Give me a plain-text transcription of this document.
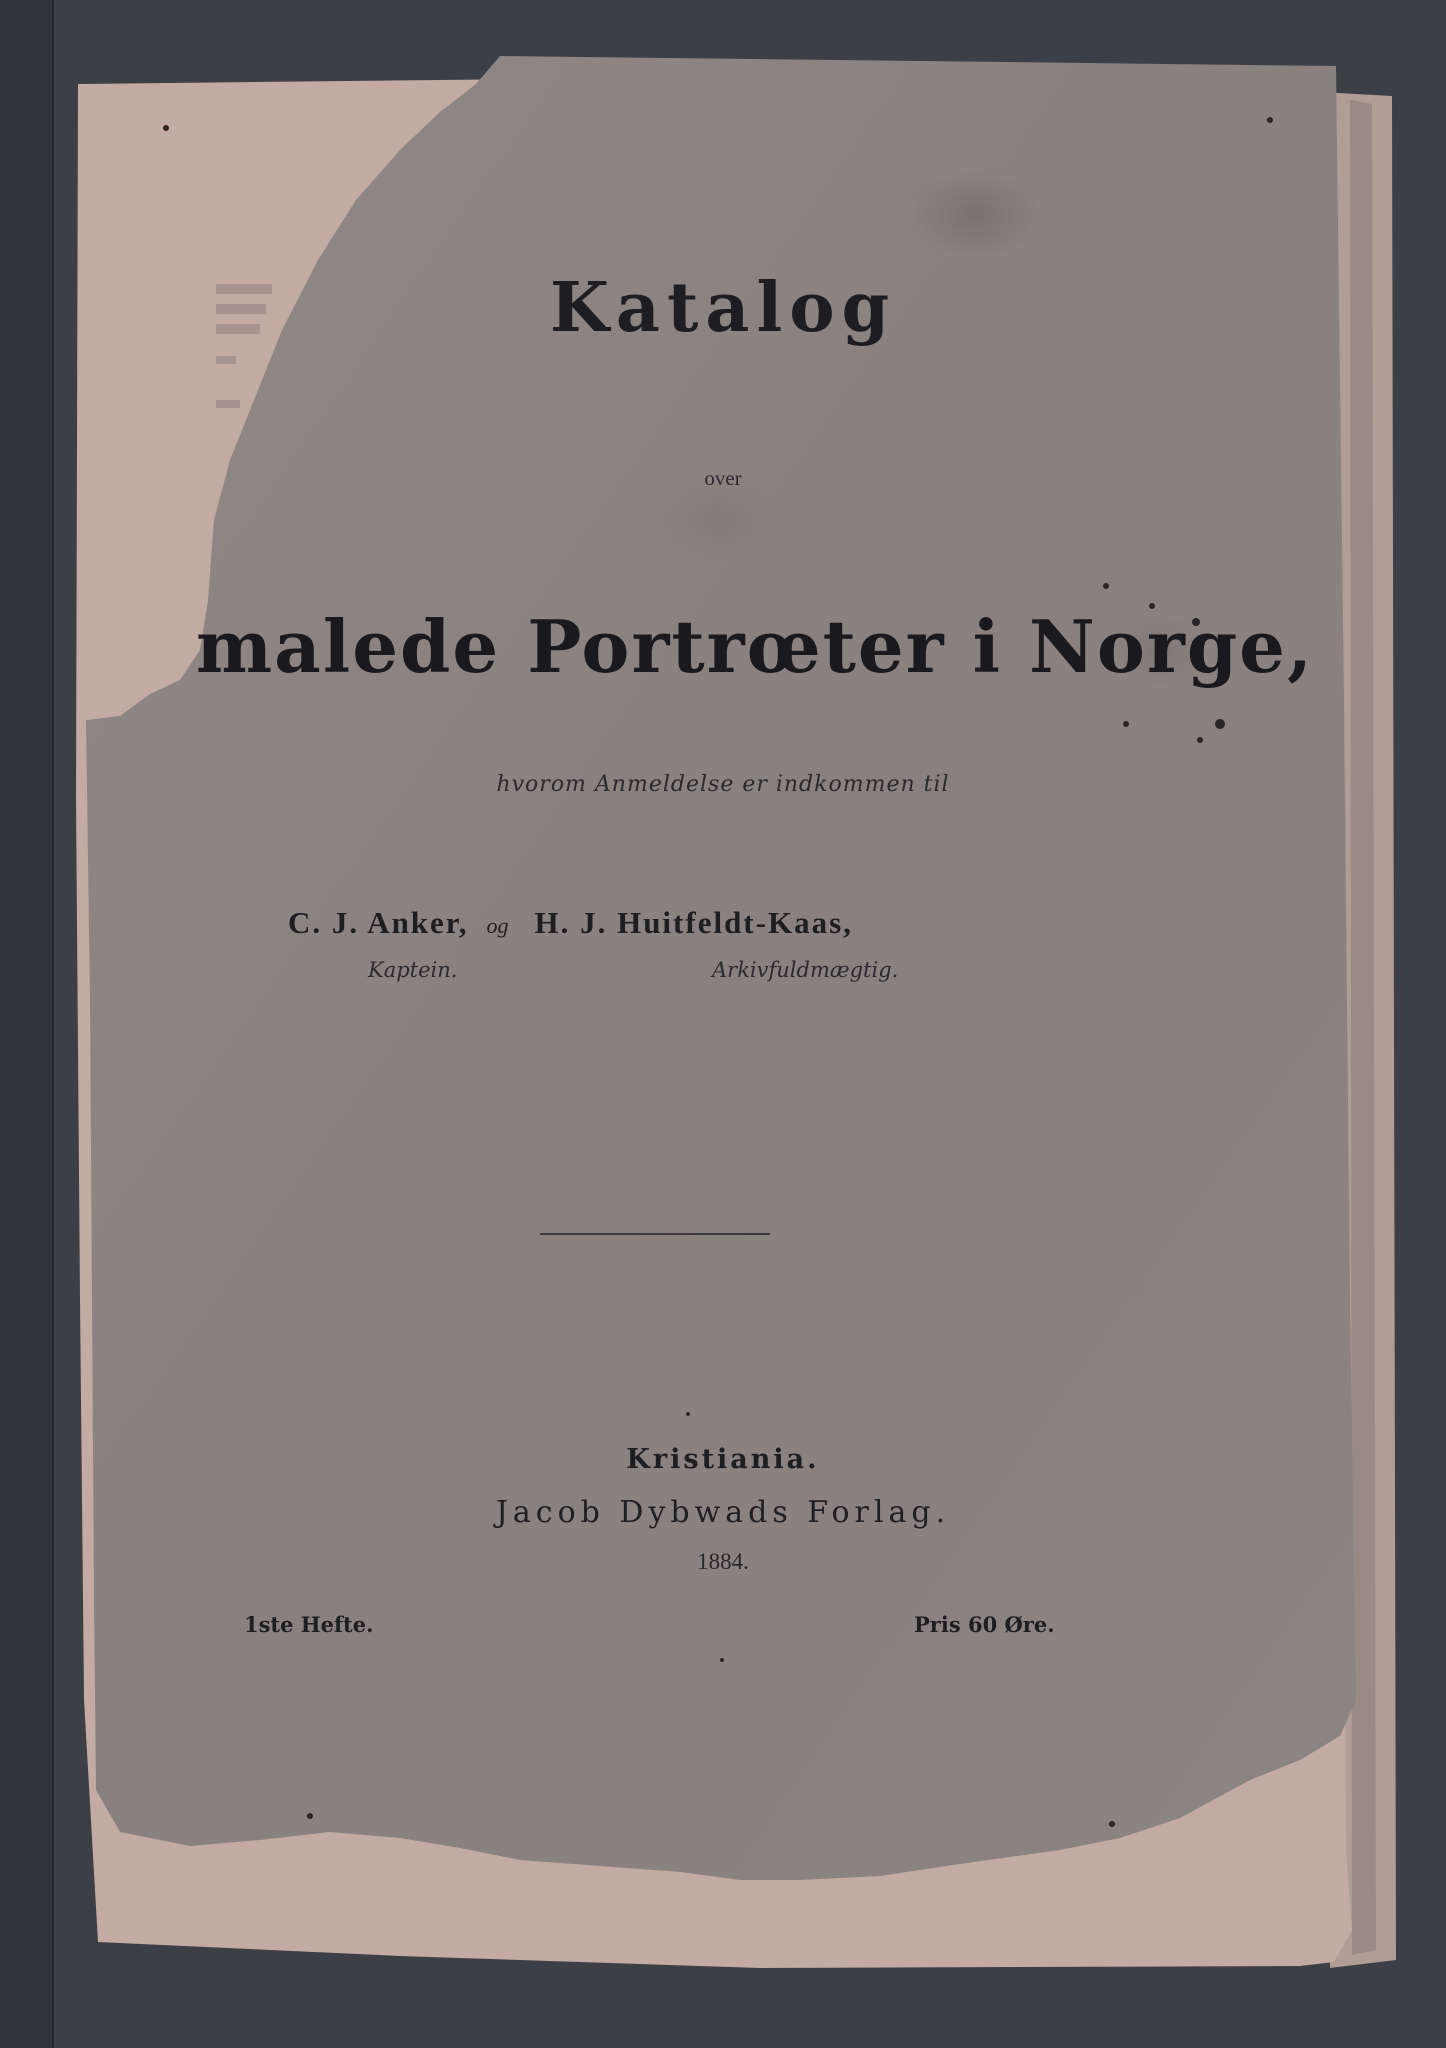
Katalog
over
malede Portrœter i Norge,
hvorom Anmeldelse er indkommen til
C. J. Anker, og H. J. Huitfeldt-Kaas,
Kaptein.	Arkivfuldmægtig.
Kristiania.
Jacob Dybwads Forlag.
1884.
1ste Hefte.	Pris 60 Øre.
